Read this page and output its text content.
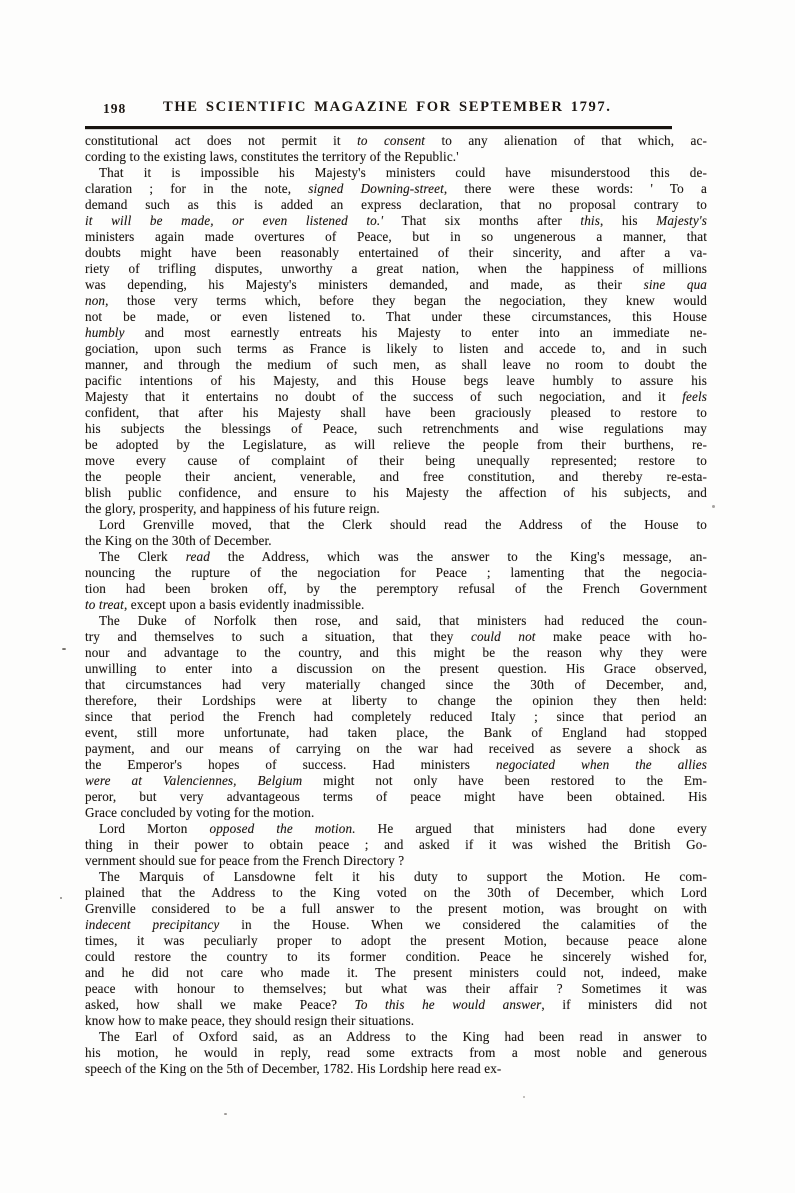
198	THE SCIENTIFIC MAGAZINE FOR SEPTEMBER 1797.
constitutional act does not permit it to consent to any alienation of that which, ac-
cording to the existing laws, constitutes the territory of the Republic.'
That it is impossible his Majesty's ministers could have misunderstood this de-
claration ; for in the note, signed Downing-street, there were these words: ' To a
demand such as this is added an express declaration, that no proposal contrary to
it will be made, or even listened to.' That six months after this, his Majesty's
ministers again made overtures of Peace, but in so ungenerous a manner, that
doubts might have been reasonably entertained of their sincerity, and after a va-
riety of trifling disputes, unworthy a great nation, when the happiness of millions
was depending, his Majesty's ministers demanded, and made, as their sine qua
non, those very terms which, before they began the negociation, they knew would
not be made, or even listened to. That under these circumstances, this House
humbly and most earnestly entreats his Majesty to enter into an immediate ne-
gociation, upon such terms as France is likely to listen and accede to, and in such
manner, and through the medium of such men, as shall leave no room to doubt the
pacific intentions of his Majesty, and this House begs leave humbly to assure his
Majesty that it entertains no doubt of the success of such negociation, and it feels
confident, that after his Majesty shall have been graciously pleased to restore to
his subjects the blessings of Peace, such retrenchments and wise regulations may
be adopted by the Legislature, as will relieve the people from their burthens, re-
move every cause of complaint of their being unequally represented; restore to
the people their ancient, venerable, and free constitution, and thereby re-esta-
blish public confidence, and ensure to his Majesty the affection of his subjects, and
the glory, prosperity, and happiness of his future reign.
Lord Grenville moved, that the Clerk should read the Address of the House to
the King on the 30th of December.
The Clerk read the Address, which was the answer to the King's message, an-
nouncing the rupture of the negociation for Peace ; lamenting that the negocia-
tion had been broken off, by the peremptory refusal of the French Government
to treat, except upon a basis evidently inadmissible.
The Duke of Norfolk then rose, and said, that ministers had reduced the coun-
try and themselves to such a situation, that they could not make peace with ho-
nour and advantage to the country, and this might be the reason why they were
unwilling to enter into a discussion on the present question. His Grace observed,
that circumstances had very materially changed since the 30th of December, and,
therefore, their Lordships were at liberty to change the opinion they then held:
since that period the French had completely reduced Italy ; since that period an
event, still more unfortunate, had taken place, the Bank of England had stopped
payment, and our means of carrying on the war had received as severe a shock as
the Emperor's hopes of success. Had ministers negociated when the allies
were at Valenciennes, Belgium might not only have been restored to the Em-
peror, but very advantageous terms of peace might have been obtained. His
Grace concluded by voting for the motion.
Lord Morton opposed the motion. He argued that ministers had done every
thing in their power to obtain peace ; and asked if it was wished the British Go-
vernment should sue for peace from the French Directory ?
The Marquis of Lansdowne felt it his duty to support the Motion. He com-
plained that the Address to the King voted on the 30th of December, which Lord
Grenville considered to be a full answer to the present motion, was brought on with
indecent precipitancy in the House. When we considered the calamities of the
times, it was peculiarly proper to adopt the present Motion, because peace alone
could restore the country to its former condition. Peace he sincerely wished for,
and he did not care who made it. The present ministers could not, indeed, make
peace with honour to themselves; but what was their affair ? Sometimes it was
asked, how shall we make Peace? To this he would answer, if ministers did not
know how to make peace, they should resign their situations.
The Earl of Oxford said, as an Address to the King had been read in answer to
his motion, he would in reply, read some extracts from a most noble and generous
speech of the King on the 5th of December, 1782. His Lordship here read ex-
